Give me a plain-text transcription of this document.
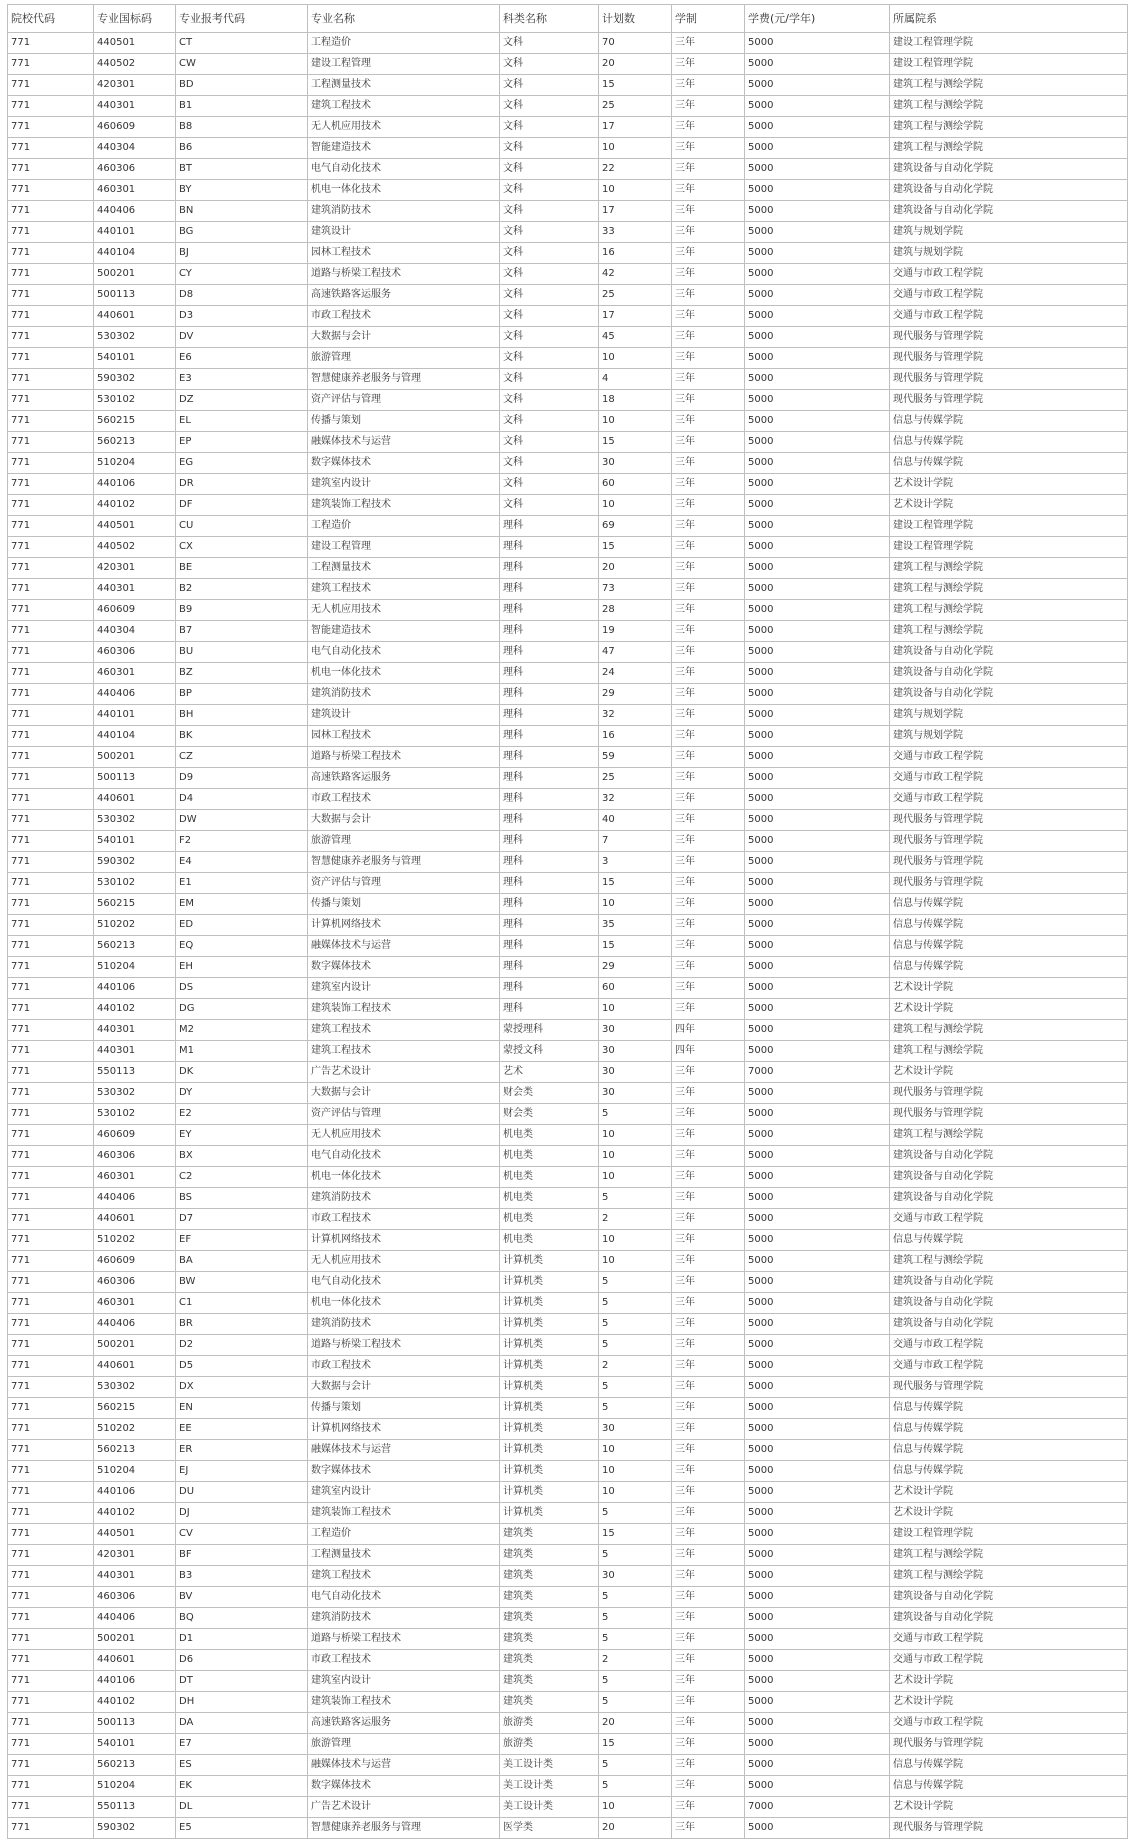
院校代码	专业国标码	专业报考代码	专业名称	科类名称	计划数	学制	学费(元/学年)	所属院系
771	440501	CT	工程造价	文科	70	三年	5000	建设工程管理学院
771	440502	CW	建设工程管理	文科	20	三年	5000	建设工程管理学院
771	420301	BD	工程测量技术	文科	15	三年	5000	建筑工程与测绘学院
771	440301	B1	建筑工程技术	文科	25	三年	5000	建筑工程与测绘学院
771	460609	B8	无人机应用技术	文科	17	三年	5000	建筑工程与测绘学院
771	440304	B6	智能建造技术	文科	10	三年	5000	建筑工程与测绘学院
771	460306	BT	电气自动化技术	文科	22	三年	5000	建筑设备与自动化学院
771	460301	BY	机电一体化技术	文科	10	三年	5000	建筑设备与自动化学院
771	440406	BN	建筑消防技术	文科	17	三年	5000	建筑设备与自动化学院
771	440101	BG	建筑设计	文科	33	三年	5000	建筑与规划学院
771	440104	BJ	园林工程技术	文科	16	三年	5000	建筑与规划学院
771	500201	CY	道路与桥梁工程技术	文科	42	三年	5000	交通与市政工程学院
771	500113	D8	高速铁路客运服务	文科	25	三年	5000	交通与市政工程学院
771	440601	D3	市政工程技术	文科	17	三年	5000	交通与市政工程学院
771	530302	DV	大数据与会计	文科	45	三年	5000	现代服务与管理学院
771	540101	E6	旅游管理	文科	10	三年	5000	现代服务与管理学院
771	590302	E3	智慧健康养老服务与管理	文科	4	三年	5000	现代服务与管理学院
771	530102	DZ	资产评估与管理	文科	18	三年	5000	现代服务与管理学院
771	560215	EL	传播与策划	文科	10	三年	5000	信息与传媒学院
771	560213	EP	融媒体技术与运营	文科	15	三年	5000	信息与传媒学院
771	510204	EG	数字媒体技术	文科	30	三年	5000	信息与传媒学院
771	440106	DR	建筑室内设计	文科	60	三年	5000	艺术设计学院
771	440102	DF	建筑装饰工程技术	文科	10	三年	5000	艺术设计学院
771	440501	CU	工程造价	理科	69	三年	5000	建设工程管理学院
771	440502	CX	建设工程管理	理科	15	三年	5000	建设工程管理学院
771	420301	BE	工程测量技术	理科	20	三年	5000	建筑工程与测绘学院
771	440301	B2	建筑工程技术	理科	73	三年	5000	建筑工程与测绘学院
771	460609	B9	无人机应用技术	理科	28	三年	5000	建筑工程与测绘学院
771	440304	B7	智能建造技术	理科	19	三年	5000	建筑工程与测绘学院
771	460306	BU	电气自动化技术	理科	47	三年	5000	建筑设备与自动化学院
771	460301	BZ	机电一体化技术	理科	24	三年	5000	建筑设备与自动化学院
771	440406	BP	建筑消防技术	理科	29	三年	5000	建筑设备与自动化学院
771	440101	BH	建筑设计	理科	32	三年	5000	建筑与规划学院
771	440104	BK	园林工程技术	理科	16	三年	5000	建筑与规划学院
771	500201	CZ	道路与桥梁工程技术	理科	59	三年	5000	交通与市政工程学院
771	500113	D9	高速铁路客运服务	理科	25	三年	5000	交通与市政工程学院
771	440601	D4	市政工程技术	理科	32	三年	5000	交通与市政工程学院
771	530302	DW	大数据与会计	理科	40	三年	5000	现代服务与管理学院
771	540101	F2	旅游管理	理科	7	三年	5000	现代服务与管理学院
771	590302	E4	智慧健康养老服务与管理	理科	3	三年	5000	现代服务与管理学院
771	530102	E1	资产评估与管理	理科	15	三年	5000	现代服务与管理学院
771	560215	EM	传播与策划	理科	10	三年	5000	信息与传媒学院
771	510202	ED	计算机网络技术	理科	35	三年	5000	信息与传媒学院
771	560213	EQ	融媒体技术与运营	理科	15	三年	5000	信息与传媒学院
771	510204	EH	数字媒体技术	理科	29	三年	5000	信息与传媒学院
771	440106	DS	建筑室内设计	理科	60	三年	5000	艺术设计学院
771	440102	DG	建筑装饰工程技术	理科	10	三年	5000	艺术设计学院
771	440301	M2	建筑工程技术	蒙授理科	30	四年	5000	建筑工程与测绘学院
771	440301	M1	建筑工程技术	蒙授文科	30	四年	5000	建筑工程与测绘学院
771	550113	DK	广告艺术设计	艺术	30	三年	7000	艺术设计学院
771	530302	DY	大数据与会计	财会类	30	三年	5000	现代服务与管理学院
771	530102	E2	资产评估与管理	财会类	5	三年	5000	现代服务与管理学院
771	460609	EY	无人机应用技术	机电类	10	三年	5000	建筑工程与测绘学院
771	460306	BX	电气自动化技术	机电类	10	三年	5000	建筑设备与自动化学院
771	460301	C2	机电一体化技术	机电类	10	三年	5000	建筑设备与自动化学院
771	440406	BS	建筑消防技术	机电类	5	三年	5000	建筑设备与自动化学院
771	440601	D7	市政工程技术	机电类	2	三年	5000	交通与市政工程学院
771	510202	EF	计算机网络技术	机电类	10	三年	5000	信息与传媒学院
771	460609	BA	无人机应用技术	计算机类	10	三年	5000	建筑工程与测绘学院
771	460306	BW	电气自动化技术	计算机类	5	三年	5000	建筑设备与自动化学院
771	460301	C1	机电一体化技术	计算机类	5	三年	5000	建筑设备与自动化学院
771	440406	BR	建筑消防技术	计算机类	5	三年	5000	建筑设备与自动化学院
771	500201	D2	道路与桥梁工程技术	计算机类	5	三年	5000	交通与市政工程学院
771	440601	D5	市政工程技术	计算机类	2	三年	5000	交通与市政工程学院
771	530302	DX	大数据与会计	计算机类	5	三年	5000	现代服务与管理学院
771	560215	EN	传播与策划	计算机类	5	三年	5000	信息与传媒学院
771	510202	EE	计算机网络技术	计算机类	30	三年	5000	信息与传媒学院
771	560213	ER	融媒体技术与运营	计算机类	10	三年	5000	信息与传媒学院
771	510204	EJ	数字媒体技术	计算机类	10	三年	5000	信息与传媒学院
771	440106	DU	建筑室内设计	计算机类	10	三年	5000	艺术设计学院
771	440102	DJ	建筑装饰工程技术	计算机类	5	三年	5000	艺术设计学院
771	440501	CV	工程造价	建筑类	15	三年	5000	建设工程管理学院
771	420301	BF	工程测量技术	建筑类	5	三年	5000	建筑工程与测绘学院
771	440301	B3	建筑工程技术	建筑类	30	三年	5000	建筑工程与测绘学院
771	460306	BV	电气自动化技术	建筑类	5	三年	5000	建筑设备与自动化学院
771	440406	BQ	建筑消防技术	建筑类	5	三年	5000	建筑设备与自动化学院
771	500201	D1	道路与桥梁工程技术	建筑类	5	三年	5000	交通与市政工程学院
771	440601	D6	市政工程技术	建筑类	2	三年	5000	交通与市政工程学院
771	440106	DT	建筑室内设计	建筑类	5	三年	5000	艺术设计学院
771	440102	DH	建筑装饰工程技术	建筑类	5	三年	5000	艺术设计学院
771	500113	DA	高速铁路客运服务	旅游类	20	三年	5000	交通与市政工程学院
771	540101	E7	旅游管理	旅游类	15	三年	5000	现代服务与管理学院
771	560213	ES	融媒体技术与运营	美工设计类	5	三年	5000	信息与传媒学院
771	510204	EK	数字媒体技术	美工设计类	5	三年	5000	信息与传媒学院
771	550113	DL	广告艺术设计	美工设计类	10	三年	7000	艺术设计学院
771	590302	E5	智慧健康养老服务与管理	医学类	20	三年	5000	现代服务与管理学院
